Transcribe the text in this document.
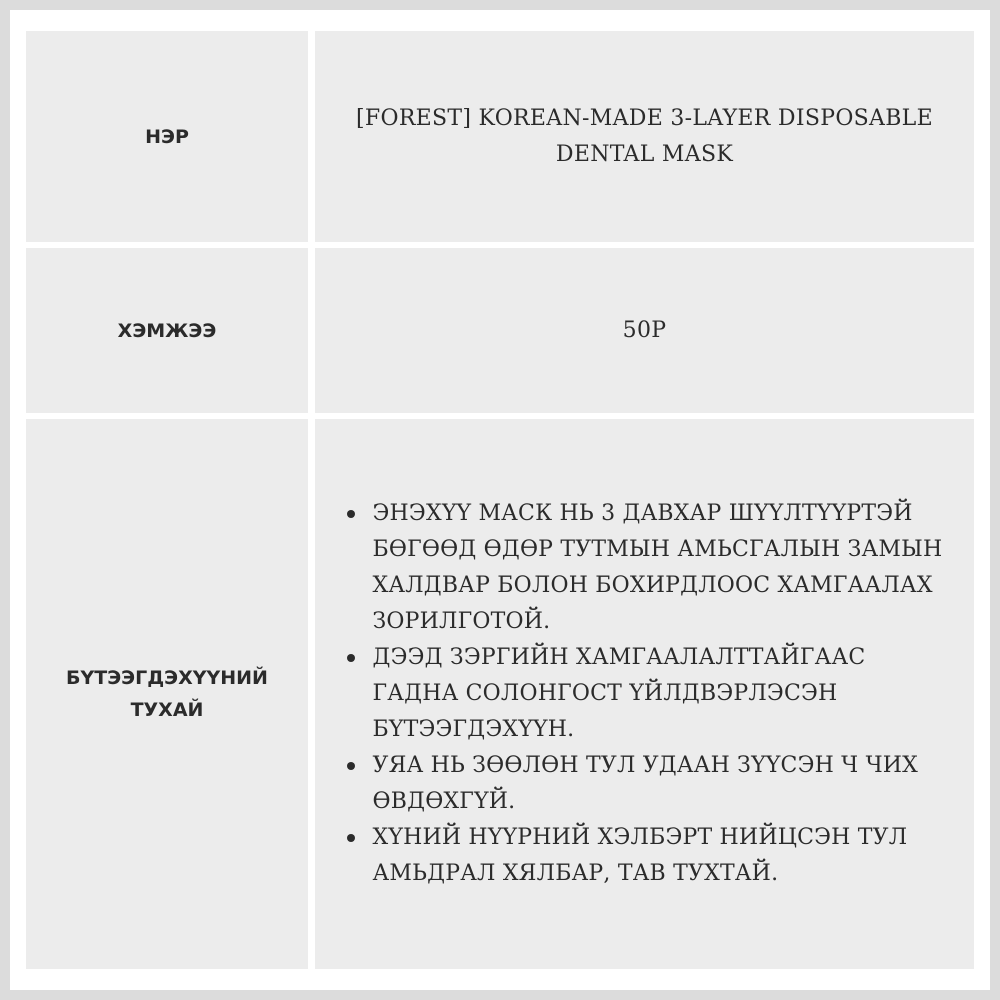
НЭР
[FOREST] KOREAN-MADE 3-LAYER DISPOSABLE DENTAL MASK
ХЭМЖЭЭ	50P
БҮТЭЭГДЭХҮҮНИЙ ТУХАЙ
ЭНЭХҮҮ МАСК НЬ 3 ДАВХАР ШҮҮЛТҮҮРТЭЙ БӨГӨӨД ӨДӨР ТУТМЫН АМЬСГАЛЫН ЗАМЫН ХАЛДВАР БОЛОН БОХИРДЛООС ХАМГААЛАХ ЗОРИЛГОТОЙ.
ДЭЭД ЗЭРГИЙН ХАМГААЛАЛТТАЙГААС ГАДНА СОЛОНГОСТ ҮЙЛДВЭРЛЭСЭН БҮТЭЭГДЭХҮҮН.
УЯА НЬ ЗӨӨЛӨН ТУЛ УДААН ЗҮҮСЭН Ч ЧИХ ӨВДӨХГҮЙ.
ХҮНИЙ НҮҮРНИЙ ХЭЛБЭРТ НИЙЦСЭН ТУЛ АМЬДРАЛ ХЯЛБАР, ТАВ ТУХТАЙ.
